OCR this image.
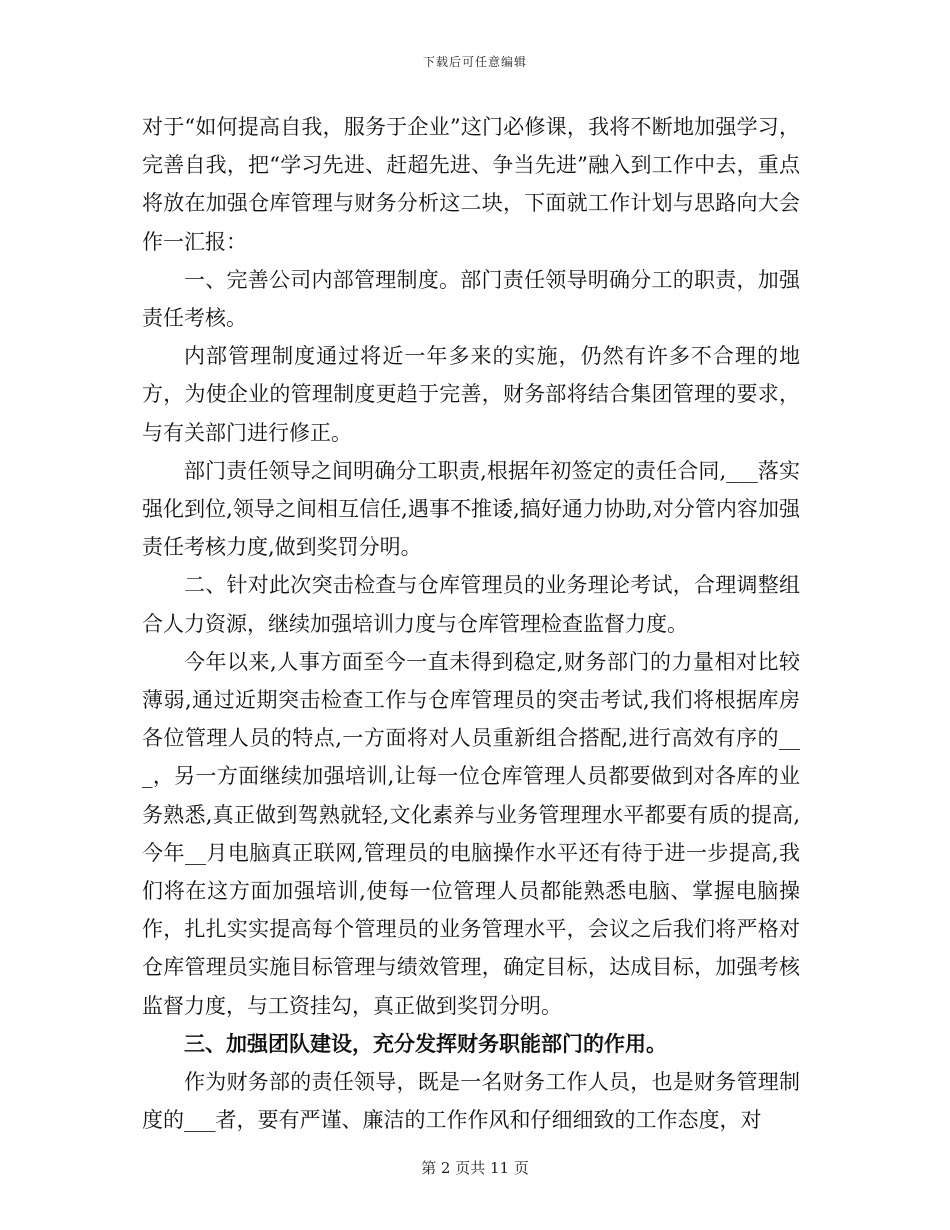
下载后可任意编辑

对于“如何提高自我，服务于企业”这门必修课，我将不断地加强学习，完善自我，把“学习先进、赶超先进、争当先进”融入到工作中去，重点将放在加强仓库管理与财务分析这二块，下面就工作计划与思路向大会作一汇报：

一、完善公司内部管理制度。部门责任领导明确分工的职责，加强责任考核。

内部管理制度通过将近一年多来的实施，仍然有许多不合理的地方，为使企业的管理制度更趋于完善，财务部将结合集团管理的要求，与有关部门进行修正。

部门责任领导之间明确分工职责,根据年初签定的责任合同,___落实强化到位,领导之间相互信任,遇事不推诿,搞好通力协助,对分管内容加强责任考核力度,做到奖罚分明。

二、针对此次突击检查与仓库管理员的业务理论考试，合理调整组合人力资源，继续加强培训力度与仓库管理检查监督力度。

今年以来,人事方面至今一直未得到稳定,财务部门的力量相对比较薄弱,通过近期突击检查工作与仓库管理员的突击考试,我们将根据库房各位管理人员的特点,一方面将对人员重新组合搭配,进行高效有序的___，另一方面继续加强培训,让每一位仓库管理人员都要做到对各库的业务熟悉,真正做到驾熟就轻,文化素养与业务管理理水平都要有质的提高,今年__月电脑真正联网,管理员的电脑操作水平还有待于进一步提高,我们将在这方面加强培训,使每一位管理人员都能熟悉电脑、掌握电脑操作，扎扎实实提高每个管理员的业务管理水平，会议之后我们将严格对仓库管理员实施目标管理与绩效管理，确定目标，达成目标，加强考核监督力度，与工资挂勾，真正做到奖罚分明。

三、加强团队建设，充分发挥财务职能部门的作用。

作为财务部的责任领导，既是一名财务工作人员，也是财务管理制度的___者，要有严谨、廉洁的工作作风和仔细细致的工作态度，对

第 2 页共 11 页
